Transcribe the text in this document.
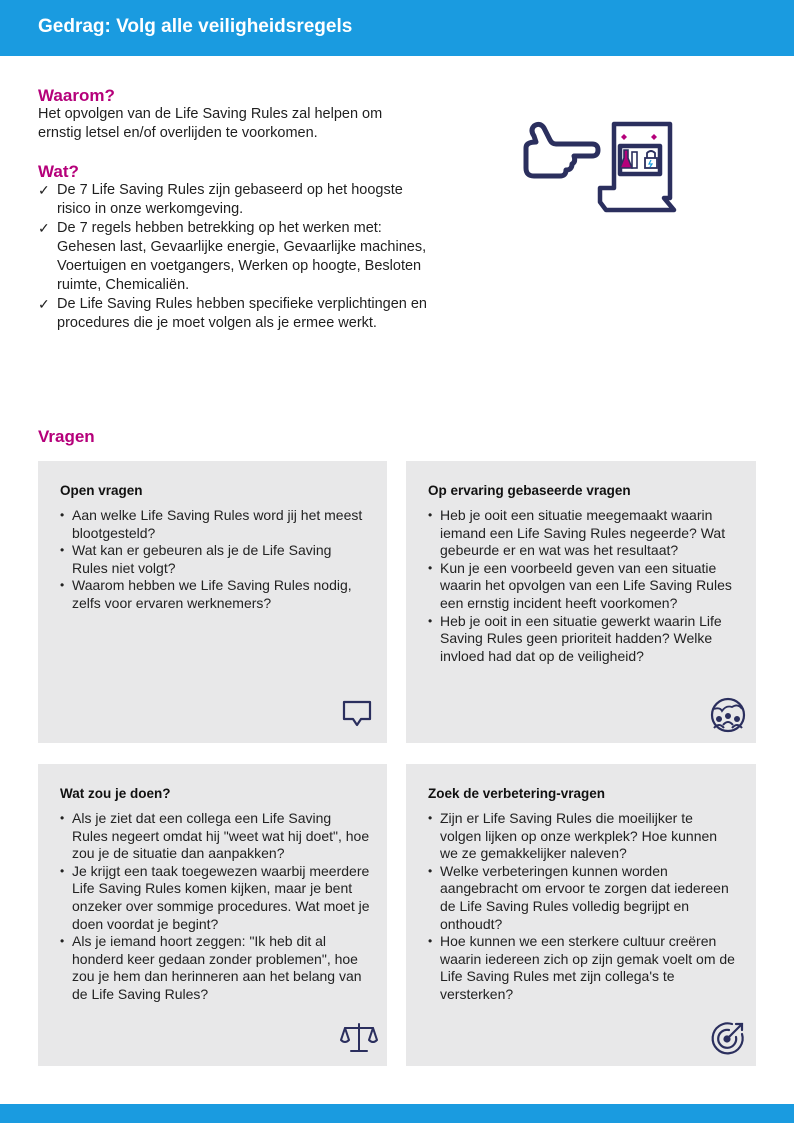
Gedrag: Volg alle veiligheidsregels
Waarom?
Het opvolgen van de Life Saving Rules zal helpen om ernstig letsel en/of overlijden te voorkomen.
Wat?
✓ De 7 Life Saving Rules zijn gebaseerd op het hoogste risico in onze werkomgeving.
✓ De 7 regels hebben betrekking op het werken met: Gehesen last, Gevaarlijke energie, Gevaarlijke machines, Voertuigen en voetgangers, Werken op hoogte, Besloten ruimte, Chemicaliën.
✓ De Life Saving Rules hebben specifieke verplichtingen en procedures die je moet volgen als je ermee werkt.
Vragen
Open vragen
• Aan welke Life Saving Rules word jij het meest blootgesteld?
• Wat kan er gebeuren als je de Life Saving Rules niet volgt?
• Waarom hebben we Life Saving Rules nodig, zelfs voor ervaren werknemers?
Op ervaring gebaseerde vragen
• Heb je ooit een situatie meegemaakt waarin iemand een Life Saving Rules negeerde? Wat gebeurde er en wat was het resultaat?
• Kun je een voorbeeld geven van een situatie waarin het opvolgen van een Life Saving Rules een ernstig incident heeft voorkomen?
• Heb je ooit in een situatie gewerkt waarin Life Saving Rules geen prioriteit hadden? Welke invloed had dat op de veiligheid?
Wat zou je doen?
• Als je ziet dat een collega een Life Saving Rules negeert omdat hij "weet wat hij doet", hoe zou je de situatie dan aanpakken?
• Je krijgt een taak toegewezen waarbij meerdere Life Saving Rules komen kijken, maar je bent onzeker over sommige procedures. Wat moet je doen voordat je begint?
• Als je iemand hoort zeggen: "Ik heb dit al honderd keer gedaan zonder problemen", hoe zou je hem dan herinneren aan het belang van de Life Saving Rules?
Zoek de verbetering-vragen
• Zijn er Life Saving Rules die moeilijker te volgen lijken op onze werkplek? Hoe kunnen we ze gemakkelijker naleven?
• Welke verbeteringen kunnen worden aangebracht om ervoor te zorgen dat iedereen de Life Saving Rules volledig begrijpt en onthoudt?
• Hoe kunnen we een sterkere cultuur creëren waarin iedereen zich op zijn gemak voelt om de Life Saving Rules met zijn collega's te versterken?
